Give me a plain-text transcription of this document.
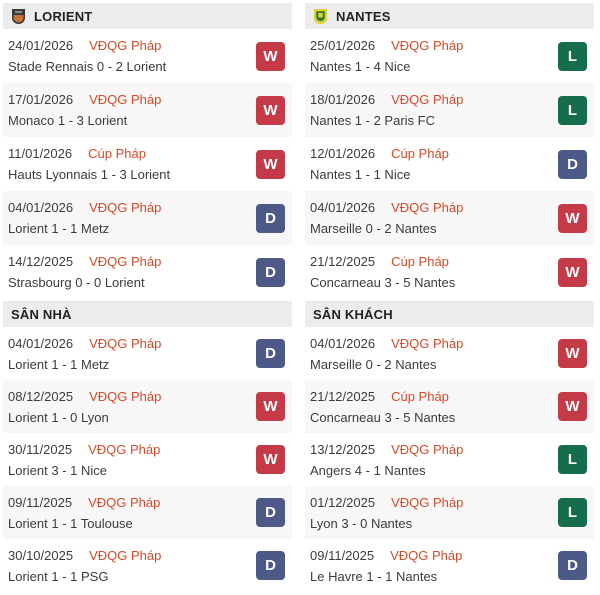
LORIENT
24/01/2026 VĐQG Pháp
Stade Rennais 0 - 2 Lorient
W
17/01/2026 VĐQG Pháp
Monaco 1 - 3 Lorient
W
11/01/2026 Cúp Pháp
Hauts Lyonnais 1 - 3 Lorient
W
04/01/2026 VĐQG Pháp
Lorient 1 - 1 Metz
D
14/12/2025 VĐQG Pháp
Strasbourg 0 - 0 Lorient
D
SÂN NHÀ
04/01/2026 VĐQG Pháp
Lorient 1 - 1 Metz
D
08/12/2025 VĐQG Pháp
Lorient 1 - 0 Lyon
W
30/11/2025 VĐQG Pháp
Lorient 3 - 1 Nice
W
09/11/2025 VĐQG Pháp
Lorient 1 - 1 Toulouse
D
30/10/2025 VĐQG Pháp
Lorient 1 - 1 PSG
D
NANTES
25/01/2026 VĐQG Pháp
Nantes 1 - 4 Nice
L
18/01/2026 VĐQG Pháp
Nantes 1 - 2 Paris FC
L
12/01/2026 Cúp Pháp
Nantes 1 - 1 Nice
D
04/01/2026 VĐQG Pháp
Marseille 0 - 2 Nantes
W
21/12/2025 Cúp Pháp
Concarneau 3 - 5 Nantes
W
SÂN KHÁCH
04/01/2026 VĐQG Pháp
Marseille 0 - 2 Nantes
W
21/12/2025 Cúp Pháp
Concarneau 3 - 5 Nantes
W
13/12/2025 VĐQG Pháp
Angers 4 - 1 Nantes
L
01/12/2025 VĐQG Pháp
Lyon 3 - 0 Nantes
L
09/11/2025 VĐQG Pháp
Le Havre 1 - 1 Nantes
D
